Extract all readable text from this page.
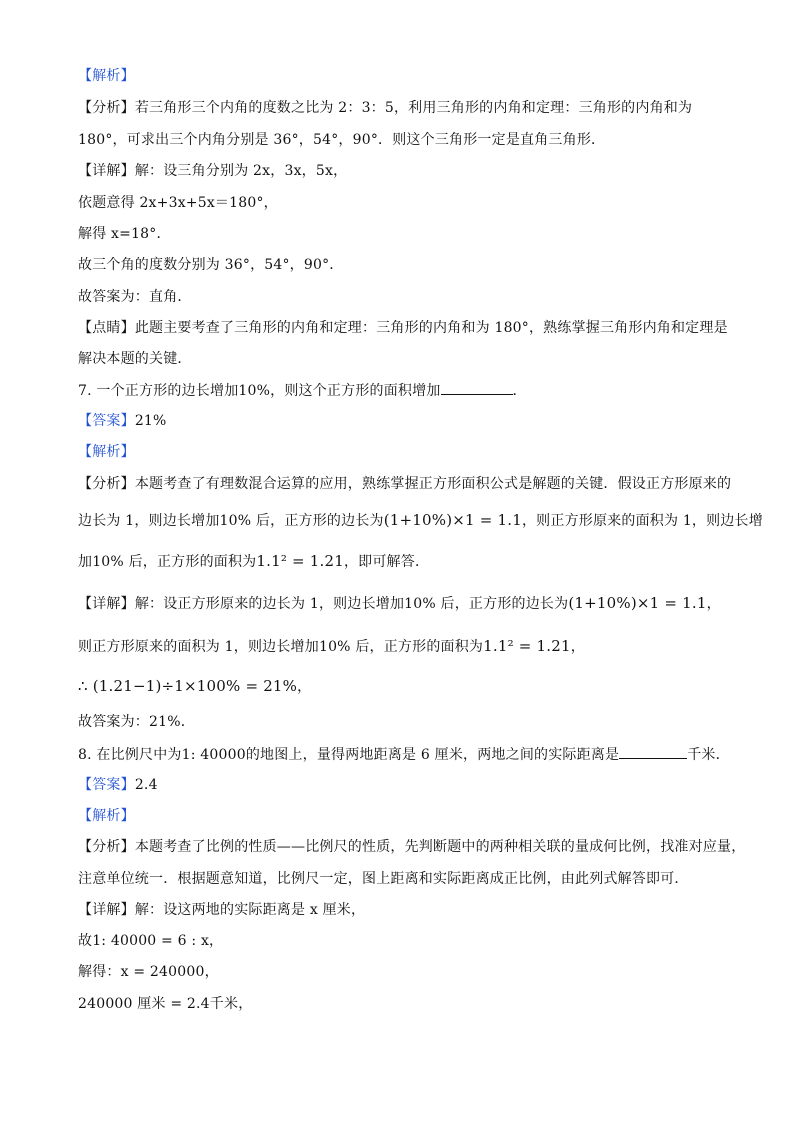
【解析】
【分析】若三角形三个内角的度数之比为 2：3：5，利用三角形的内角和定理：三角形的内角和为
180°，可求出三个内角分别是 36°，54°，90°．则这个三角形一定是直角三角形．
【详解】解：设三角分别为 2x，3x，5x，
依题意得 2x+3x+5x＝180°，
解得 x=18°．
故三个角的度数分别为 36°，54°，90°．
故答案为：直角．
【点睛】此题主要考查了三角形的内角和定理：三角形的内角和为 180°，熟练掌握三角形内角和定理是
解决本题的关键．
7. 一个正方形的边长增加10%，则这个正方形的面积增加	．
【答案】21%
【解析】
【分析】本题考查了有理数混合运算的应用，熟练掌握正方形面积公式是解题的关键．假设正方形原来的
边长为 1，则边长增加10% 后，正方形的边长为(1+10%)×1 = 1.1，则正方形原来的面积为 1，则边长增
加10% 后，正方形的面积为1.1² = 1.21，即可解答．
【详解】解：设正方形原来的边长为 1，则边长增加10% 后，正方形的边长为(1+10%)×1 = 1.1，
则正方形原来的面积为 1，则边长增加10% 后，正方形的面积为1.1² = 1.21，
∴ (1.21−1)÷1×100% = 21%，
故答案为：21%．
8. 在比例尺中为1: 40000的地图上，量得两地距离是 6 厘米，两地之间的实际距离是	千米．
【答案】2.4
【解析】
【分析】本题考查了比例的性质——比例尺的性质，先判断题中的两种相关联的量成何比例，找准对应量，
注意单位统一．根据题意知道，比例尺一定，图上距离和实际距离成正比例，由此列式解答即可．
【详解】解：设这两地的实际距离是 x 厘米，
故1: 40000 = 6 : x，
解得：x = 240000，
240000 厘米 = 2.4千米，
